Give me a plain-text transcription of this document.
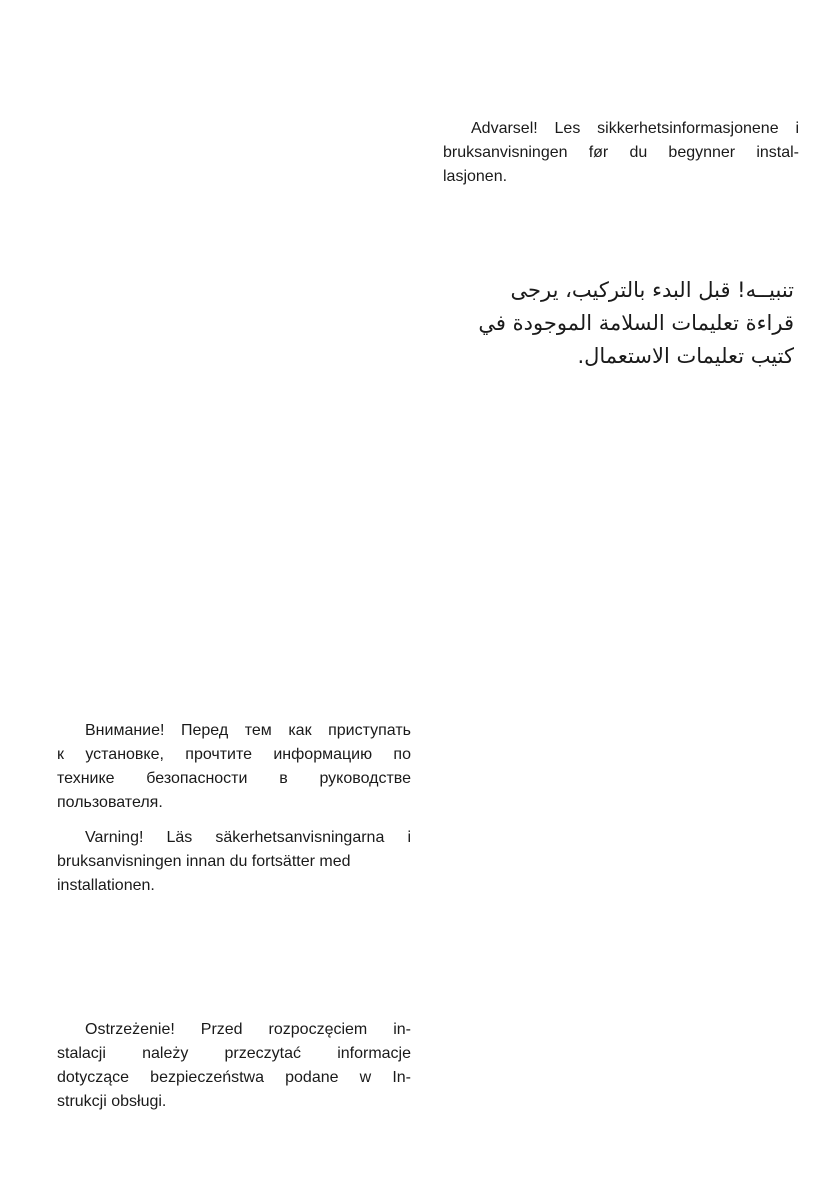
Advarsel! Les sikkerhetsinformasjonene i
bruksanvisningen før du begynner instal-
lasjonen.
تنبيــه! قبل البدء بالتركيب، يرجى
قراءة تعليمات السلامة الموجودة في
كتيب تعليمات الاستعمال.
Внимание! Перед тем как приступать
к установке, прочтите информацию по
технике безопасности в руководстве
пользователя.
Varning! Läs säkerhetsanvisningarna i
bruksanvisningen innan du fortsätter med
installationen.
Ostrzeżenie! Przed rozpoczęciem in-
stalacji należy przeczytać informacje
dotyczące bezpieczeństwa podane w In-
strukcji obsługi.
